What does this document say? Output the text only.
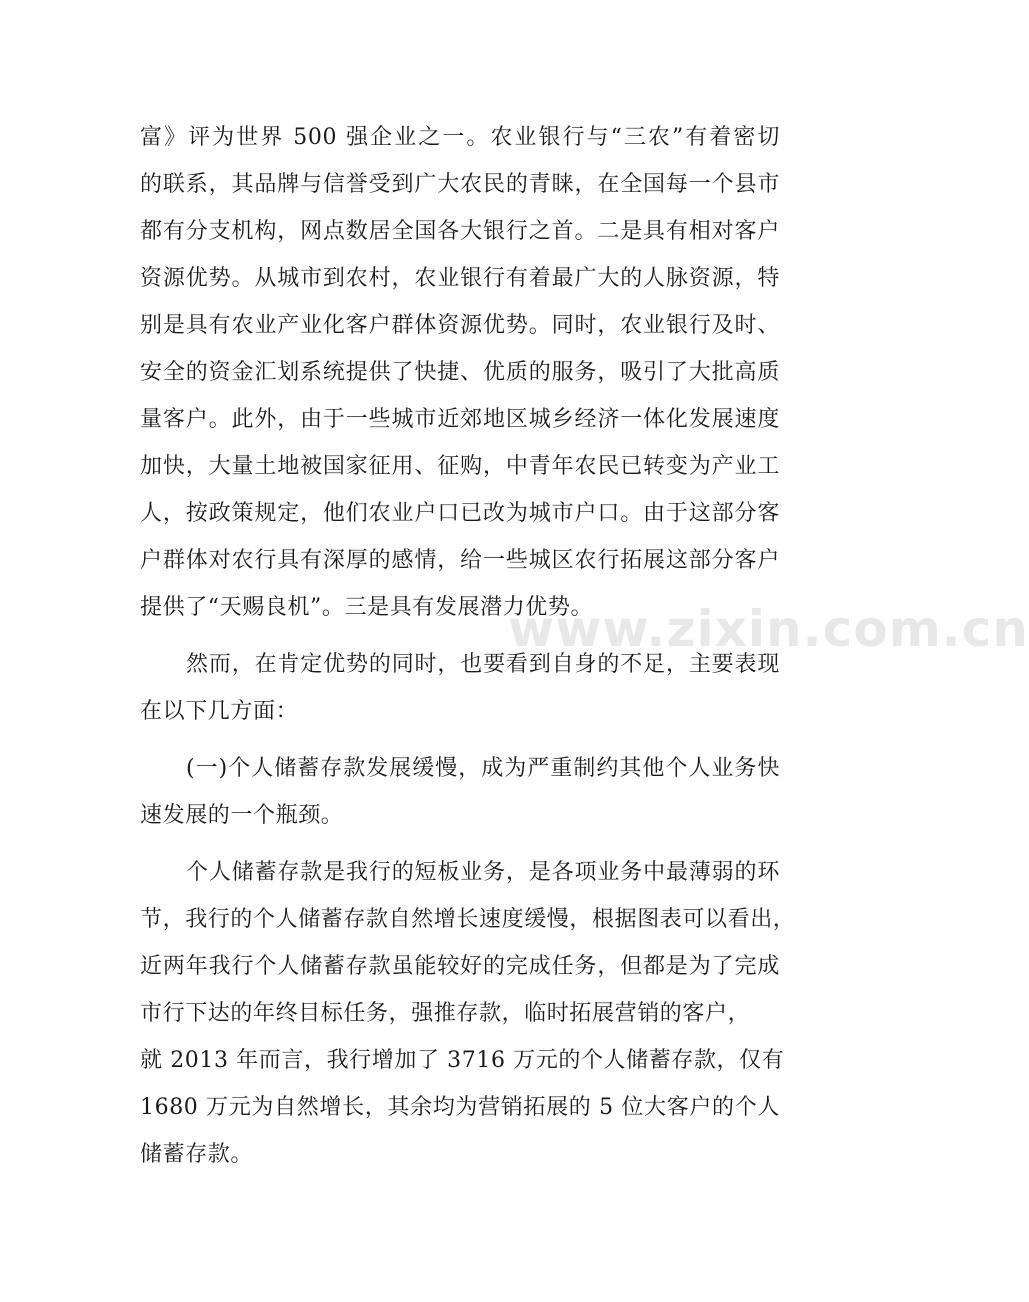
富》评为世界 500 强企业之一。农业银行与“三农”有着密切
的联系，其品牌与信誉受到广大农民的青睐，在全国每一个县市
都有分支机构，网点数居全国各大银行之首。二是具有相对客户
资源优势。从城市到农村，农业银行有着最广大的人脉资源，特
别是具有农业产业化客户群体资源优势。同时，农业银行及时、
安全的资金汇划系统提供了快捷、优质的服务，吸引了大批高质
量客户。此外，由于一些城市近郊地区城乡经济一体化发展速度
加快，大量土地被国家征用、征购，中青年农民已转变为产业工
人，按政策规定，他们农业户口已改为城市户口。由于这部分客
户群体对农行具有深厚的感情，给一些城区农行拓展这部分客户
提供了“天赐良机”。三是具有发展潜力优势。
然而，在肯定优势的同时，也要看到自身的不足，主要表现
在以下几方面：
(一)个人储蓄存款发展缓慢，成为严重制约其他个人业务快
速发展的一个瓶颈。
个人储蓄存款是我行的短板业务，是各项业务中最薄弱的环
节，我行的个人储蓄存款自然增长速度缓慢，根据图表可以看出，
近两年我行个人储蓄存款虽能较好的完成任务，但都是为了完成
市行下达的年终目标任务，强推存款，临时拓展营销的客户，
就 2013 年而言，我行增加了 3716 万元的个人储蓄存款，仅有
1680 万元为自然增长，其余均为营销拓展的 5 位大客户的个人
储蓄存款。
www.zixin.com.cn
